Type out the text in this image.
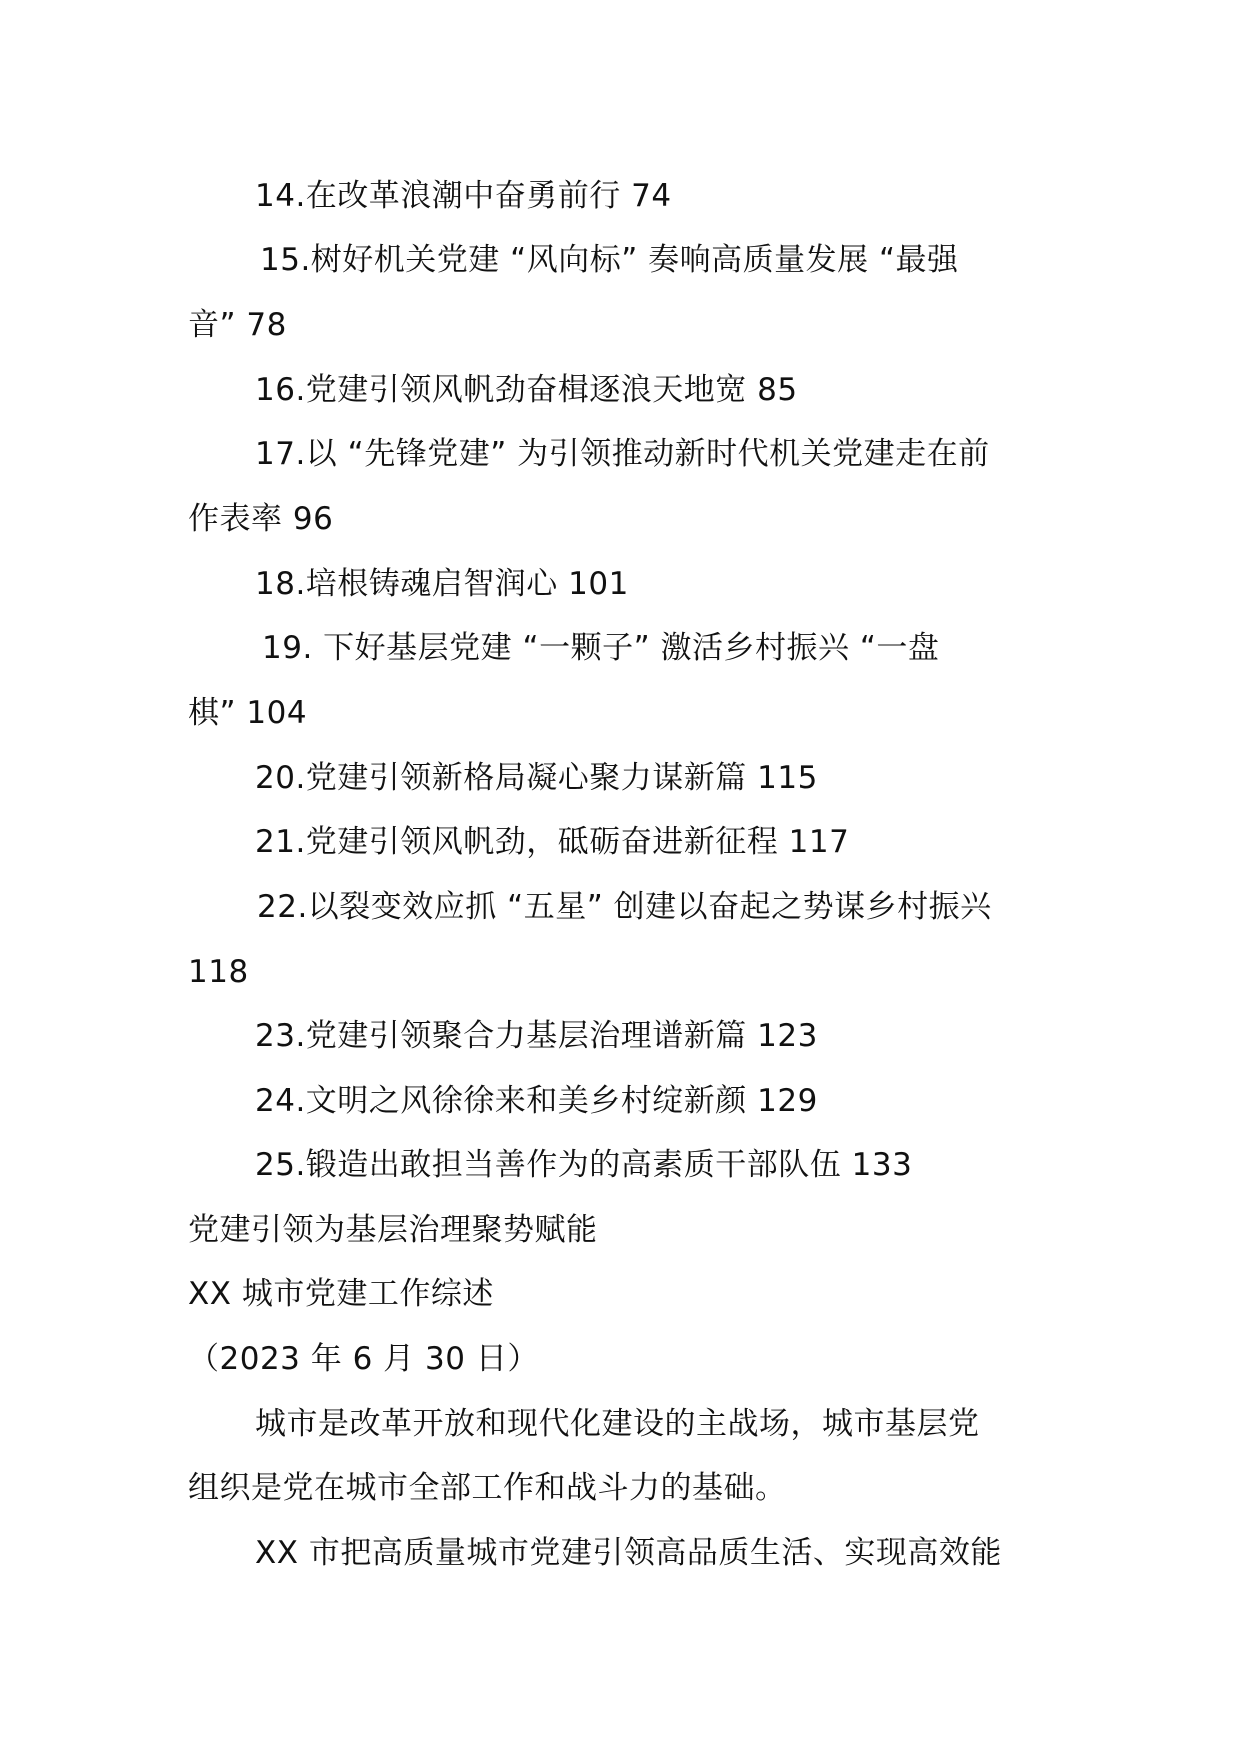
14.在改革浪潮中奋勇前行 74
15.树好机关党建 “风向标” 奏响高质量发展 “最强
音” 78
16.党建引领风帆劲奋楫逐浪天地宽 85
17.以 “先锋党建” 为引领推动新时代机关党建走在前
作表率 96
18.培根铸魂启智润心 101
19. 下好基层党建 “一颗子” 激活乡村振兴 “一盘
棋” 104
20.党建引领新格局凝心聚力谋新篇 115
21.党建引领风帆劲，砥砺奋进新征程 117
22.以裂变效应抓 “五星” 创建以奋起之势谋乡村振兴
118
23.党建引领聚合力基层治理谱新篇 123
24.文明之风徐徐来和美乡村绽新颜 129
25.锻造出敢担当善作为的高素质干部队伍 133
党建引领为基层治理聚势赋能
XX 城市党建工作综述
（2023 年 6 月 30 日）
城市是改革开放和现代化建设的主战场，城市基层党
组织是党在城市全部工作和战斗力的基础。
XX 市把高质量城市党建引领高品质生活、实现高效能
